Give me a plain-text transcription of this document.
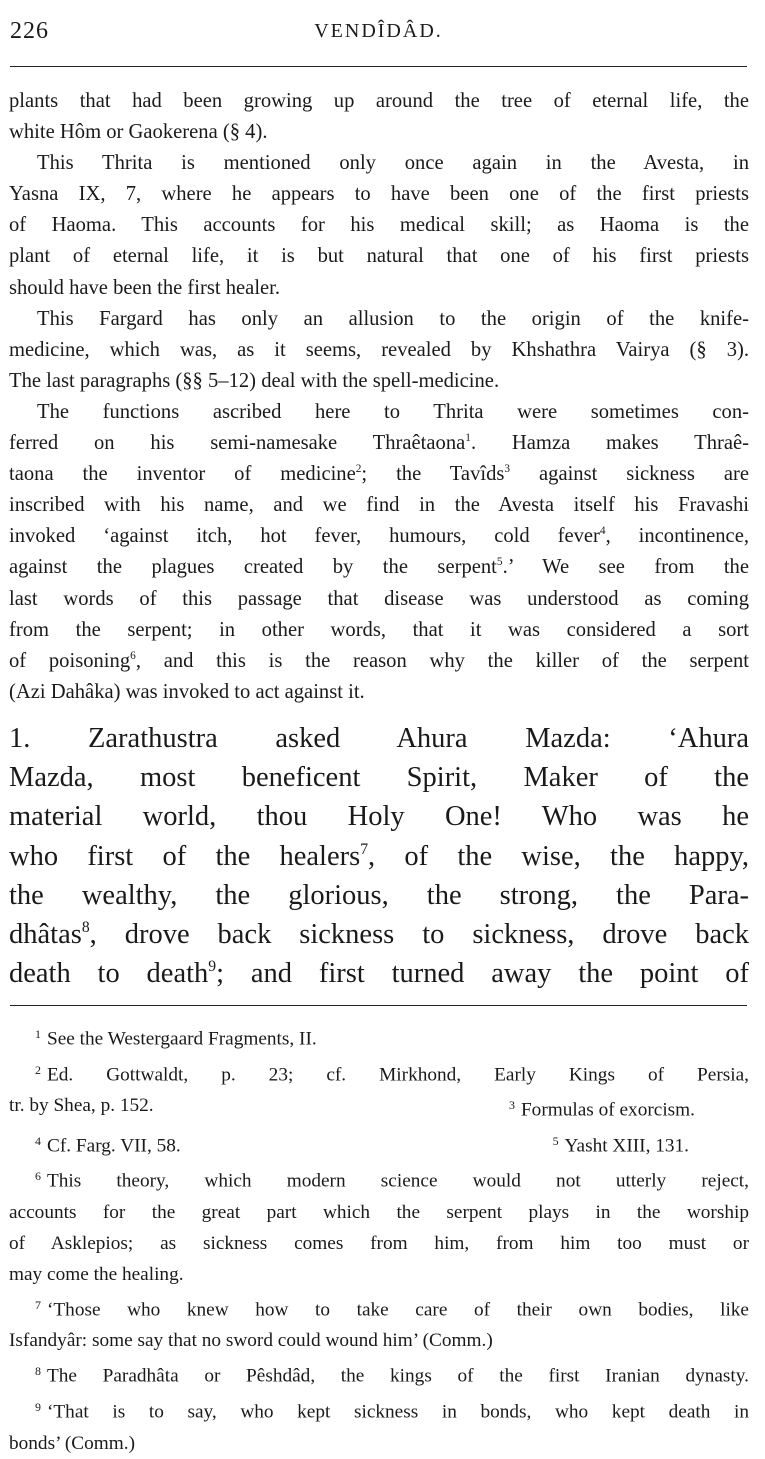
226	VENDÎDÂD.
plants that had been growing up around the tree of eternal life, the
white Hôm or Gaokerena (§ 4).
This Thrita is mentioned only once again in the Avesta, in
Yasna IX, 7, where he appears to have been one of the first priests
of Haoma. This accounts for his medical skill; as Haoma is the
plant of eternal life, it is but natural that one of his first priests
should have been the first healer.
This Fargard has only an allusion to the origin of the knife-
medicine, which was, as it seems, revealed by Khshathra Vairya (§ 3).
The last paragraphs (§§ 5–12) deal with the spell-medicine.
The functions ascribed here to Thrita were sometimes con-
ferred on his semi-namesake Thraêtaona$^1$. Hamza makes Thraê-
taona the inventor of medicine$^2$; the Tavîds$^3$ against sickness are
inscribed with his name, and we find in the Avesta itself his Fravashi
invoked ‘against itch, hot fever, humours, cold fever$^4$, incontinence,
against the plagues created by the serpent$^5$.’ We see from the
last words of this passage that disease was understood as coming
from the serpent; in other words, that it was considered a sort
of poisoning$^6$, and this is the reason why the killer of the serpent
(Azi Dahâka) was invoked to act against it.
1. Zarathustra asked Ahura Mazda: ‘Ahura
Mazda, most beneficent Spirit, Maker of the
material world, thou Holy One! Who was he
who first of the healers$^7$, of the wise, the happy,
the wealthy, the glorious, the strong, the Para-
dhâtas$^8$, drove back sickness to sickness, drove back
death to death$^9$; and first turned away the point of
$^1$ See the Westergaard Fragments, II.
$^2$ Ed. Gottwaldt, p. 23; cf. Mirkhond, Early Kings of Persia,
tr. by Shea, p. 152.	$^3$ Formulas of exorcism.
$^4$ Cf. Farg. VII, 58.	$^5$ Yasht XIII, 131.
$^6$ This theory, which modern science would not utterly reject,
accounts for the great part which the serpent plays in the worship
of Asklepios; as sickness comes from him, from him too must or
may come the healing.
$^7$ ‘Those who knew how to take care of their own bodies, like
Isfandyâr: some say that no sword could wound him’ (Comm.)
$^8$ The Paradhâta or Pêshdâd, the kings of the first Iranian dynasty.
$^9$ ‘That is to say, who kept sickness in bonds, who kept death in
bonds’ (Comm.)
